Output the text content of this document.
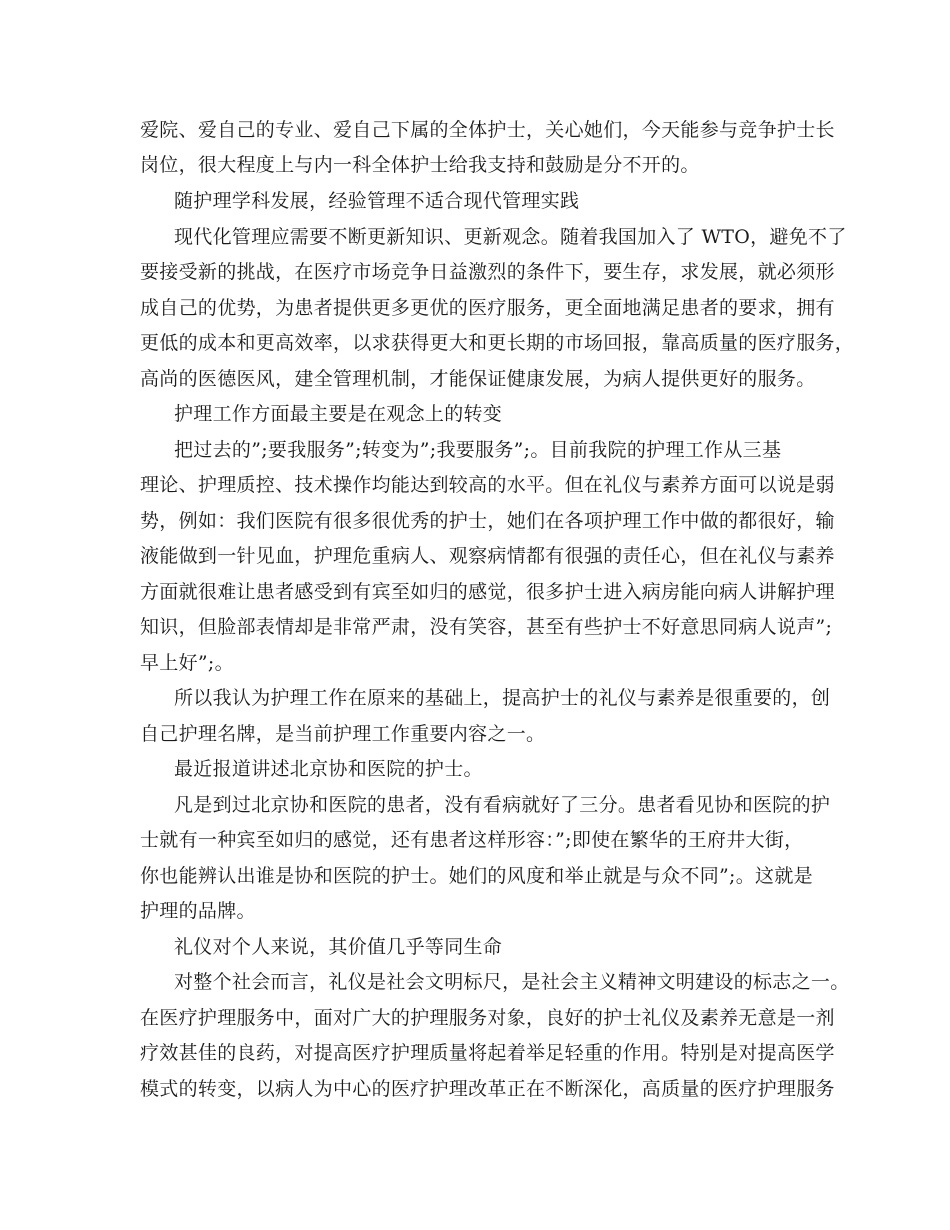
爱院、爱自己的专业、爱自己下属的全体护士，关心她们，今天能参与竞争护士长

岗位，很大程度上与内一科全体护士给我支持和鼓励是分不开的。

随护理学科发展，经验管理不适合现代管理实践

现代化管理应需要不断更新知识、更新观念。随着我国加入了 WTO，避免不了

要接受新的挑战，在医疗市场竞争日益激烈的条件下，要生存，求发展，就必须形

成自己的优势，为患者提供更多更优的医疗服务，更全面地满足患者的要求，拥有

更低的成本和更高效率，以求获得更大和更长期的市场回报，靠高质量的医疗服务，

高尚的医德医风，建全管理机制，才能保证健康发展，为病人提供更好的服务。

护理工作方面最主要是在观念上的转变

把过去的”;要我服务”;转变为”;我要服务”;。目前我院的护理工作从三基

理论、护理质控、技术操作均能达到较高的水平。但在礼仪与素养方面可以说是弱

势，例如：我们医院有很多很优秀的护士，她们在各项护理工作中做的都很好，输

液能做到一针见血，护理危重病人、观察病情都有很强的责任心，但在礼仪与素养

方面就很难让患者感受到有宾至如归的感觉，很多护士进入病房能向病人讲解护理

知识，但脸部表情却是非常严肃，没有笑容，甚至有些护士不好意思同病人说声”;

早上好”;。

所以我认为护理工作在原来的基础上，提高护士的礼仪与素养是很重要的，创

自己护理名牌，是当前护理工作重要内容之一。

最近报道讲述北京协和医院的护士。

凡是到过北京协和医院的患者，没有看病就好了三分。患者看见协和医院的护

士就有一种宾至如归的感觉，还有患者这样形容：”;即使在繁华的王府井大街，

你也能辨认出谁是协和医院的护士。她们的风度和举止就是与众不同”;。这就是

护理的品牌。

礼仪对个人来说，其价值几乎等同生命

对整个社会而言，礼仪是社会文明标尺，是社会主义精神文明建设的标志之一。

在医疗护理服务中，面对广大的护理服务对象，良好的护士礼仪及素养无意是一剂

疗效甚佳的良药，对提高医疗护理质量将起着举足轻重的作用。特别是对提高医学

模式的转变，以病人为中心的医疗护理改革正在不断深化，高质量的医疗护理服务
